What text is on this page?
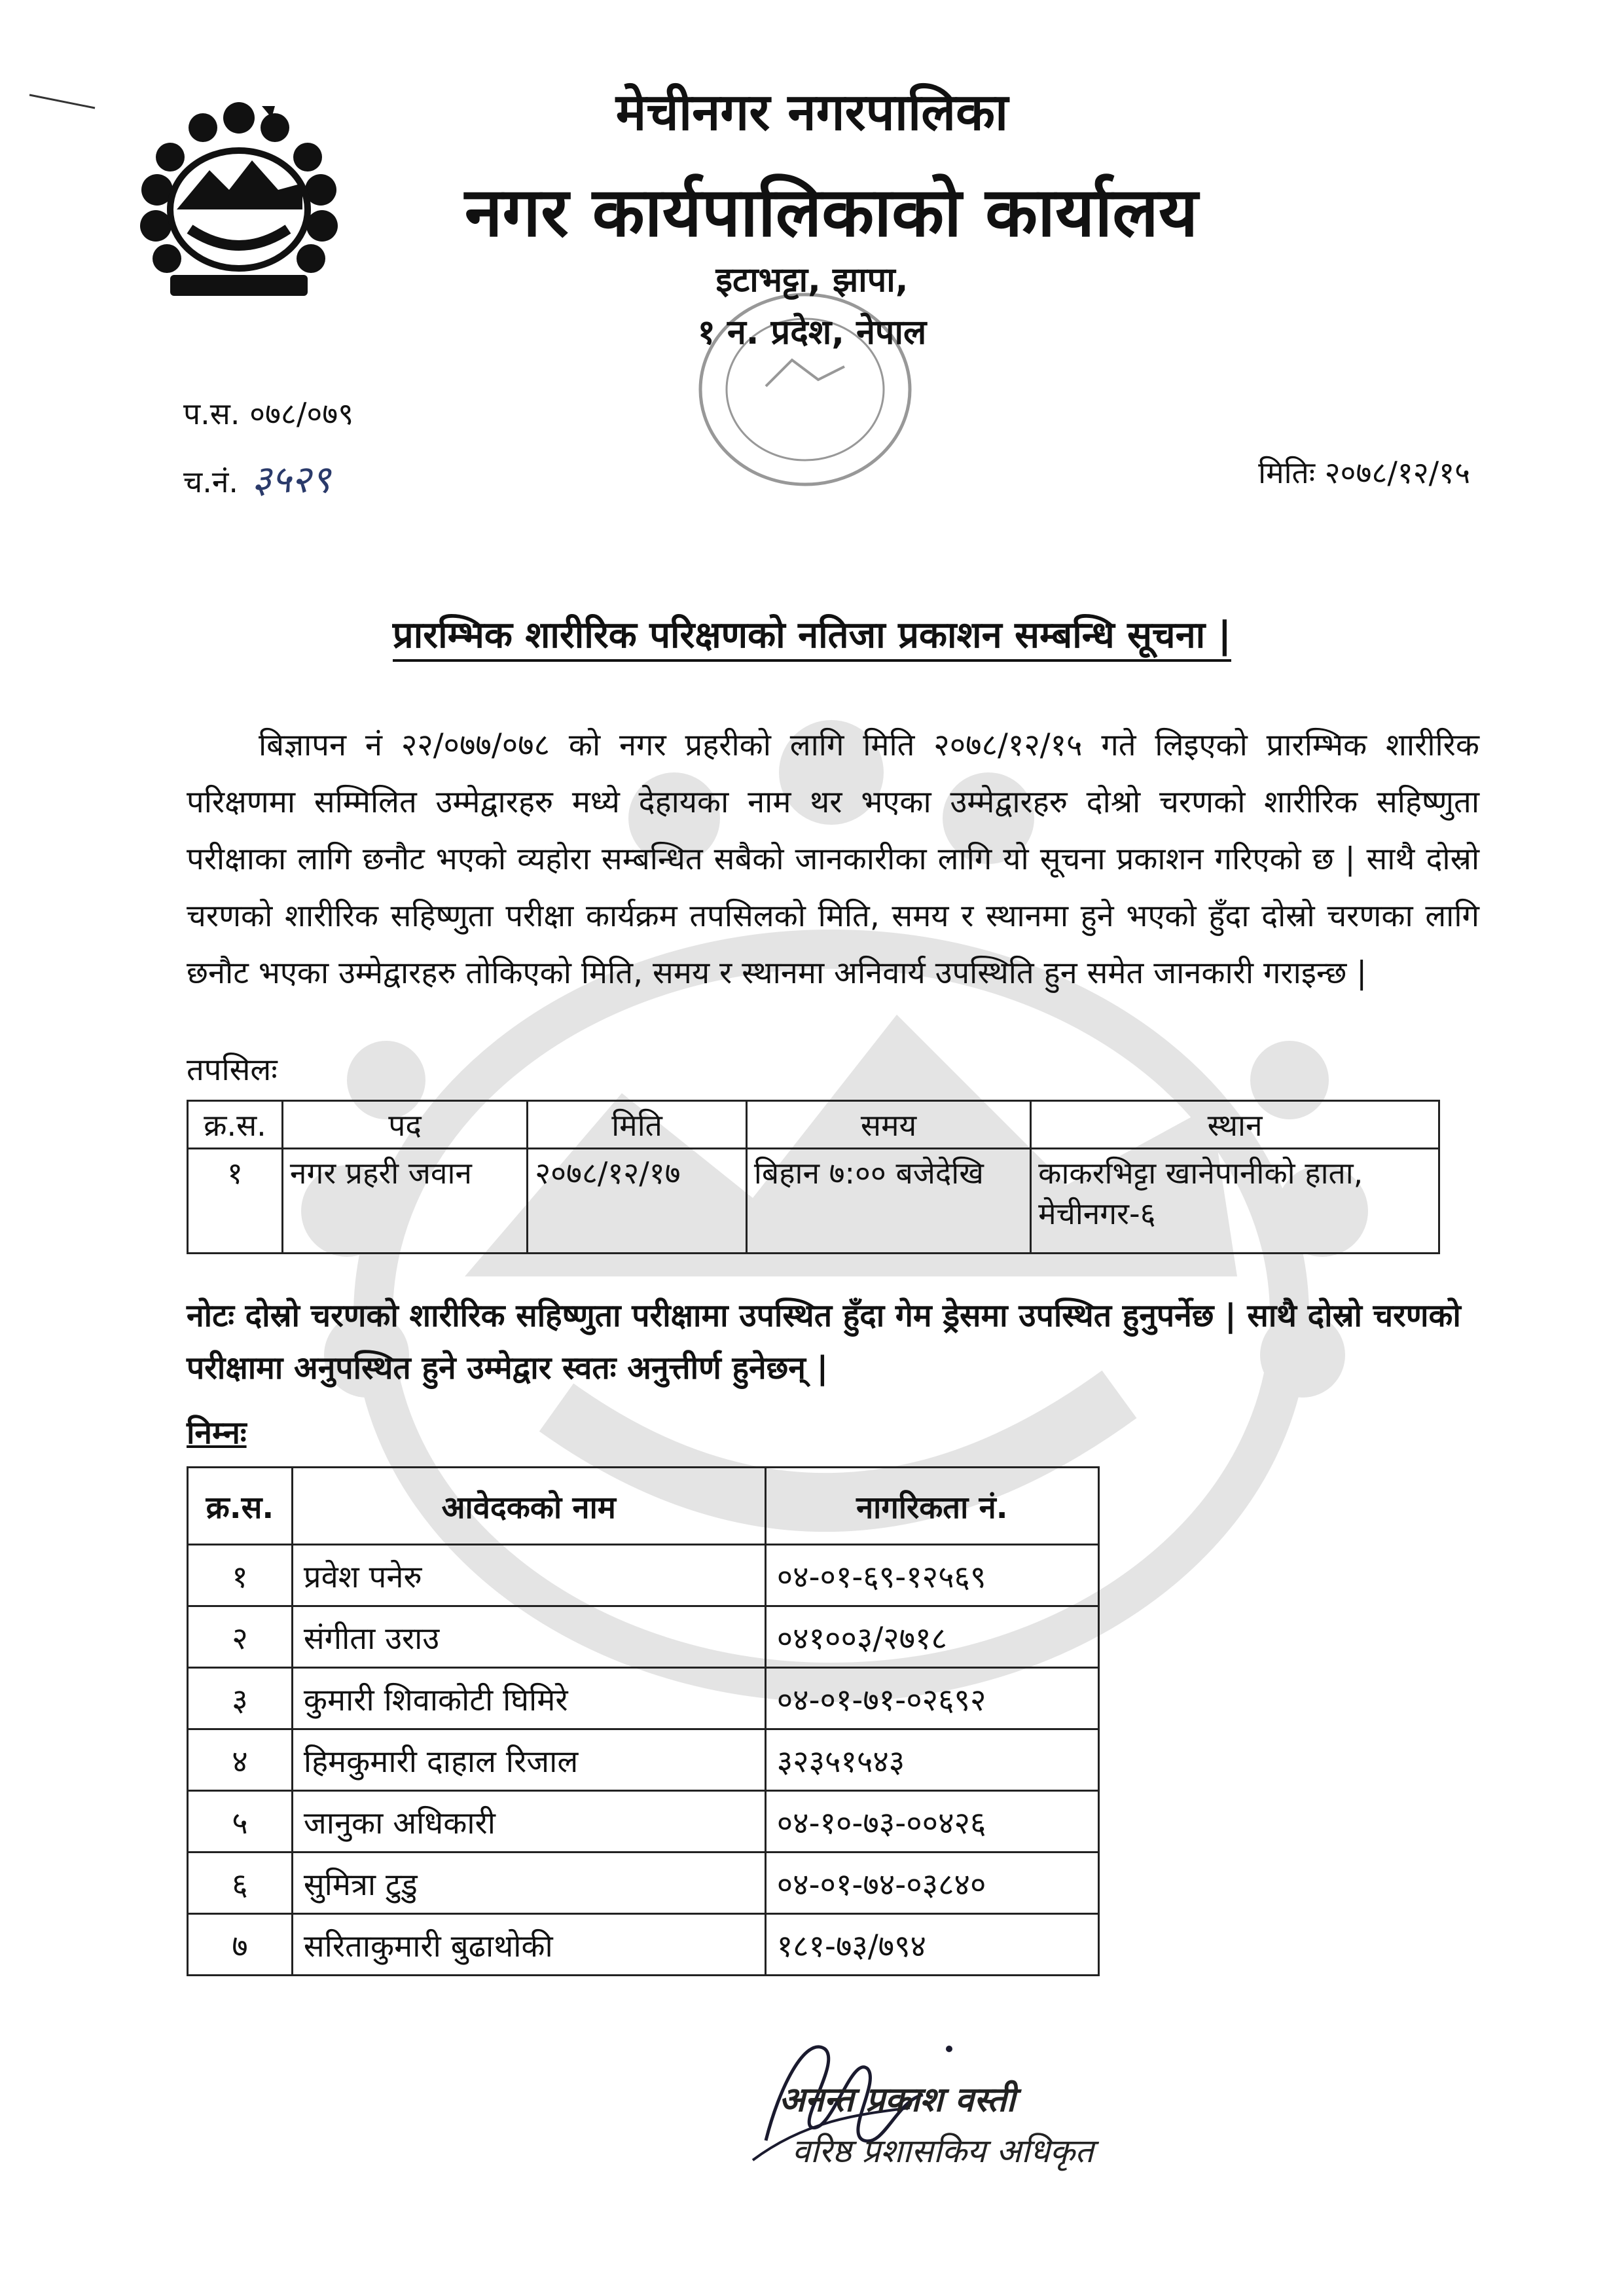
मेचीनगर नगरपालिका
नगर कार्यपालिकाको कार्यालय
इटाभट्टा, झापा,
१ न. प्रदेश, नेपाल
प.स. ०७८/०७९
च.नं. ३५२९	मितिः २०७८/१२/१५
प्रारम्भिक शारीरिक परिक्षणको नतिजा प्रकाशन सम्बन्धि सूचना |
बिज्ञापन नं २२/०७७/०७८ को नगर प्रहरीको लागि मिति २०७८/१२/१५ गते लिइएको प्रारम्भिक शारीरिक परिक्षणमा सम्मिलित उम्मेद्वारहरु मध्ये देहायका नाम थर भएका उम्मेद्वारहरु दोश्रो चरणको शारीरिक सहिष्णुता परीक्षाका लागि छनौट भएको व्यहोरा सम्बन्धित सबैको जानकारीका लागि यो सूचना प्रकाशन गरिएको छ | साथै दोस्रो चरणको शारीरिक सहिष्णुता परीक्षा कार्यक्रम तपसिलको मिति, समय र स्थानमा हुने भएको हुँदा दोस्रो चरणका लागि छनौट भएका उम्मेद्वारहरु तोकिएको मिति, समय र स्थानमा अनिवार्य उपस्थिति हुन समेत जानकारी गराइन्छ |
तपसिलः
क्र.स.	पद	मिति	समय	स्थान
१	नगर प्रहरी जवान	२०७८/१२/१७	बिहान ७:०० बजेदेखि	काकरभिट्टा खानेपानीको हाता, मेचीनगर-६
नोटः दोस्रो चरणको शारीरिक सहिष्णुता परीक्षामा उपस्थित हुँदा गेम ड्रेसमा उपस्थित हुनुपर्नेछ | साथै दोस्रो चरणको परीक्षामा अनुपस्थित हुने उम्मेद्वार स्वतः अनुत्तीर्ण हुनेछन् |
निम्नः
क्र.स.	आवेदकको नाम	नागरिकता नं.
१	प्रवेश पनेरु	०४-०१-६९-१२५६९
२	संगीता उराउ	०४१००३/२७१८
३	कुमारी शिवाकोटी घिमिरे	०४-०१-७१-०२६९२
४	हिमकुमारी दाहाल रिजाल	३२३५१५४३
५	जानुका अधिकारी	०४-१०-७३-००४२६
६	सुमित्रा टुडु	०४-०१-७४-०३८४०
७	सरिताकुमारी बुढाथोकी	१८१-७३/७९४
अनन्त प्रकाश वस्ती
वरिष्ठ प्रशासकिय अधिकृत
